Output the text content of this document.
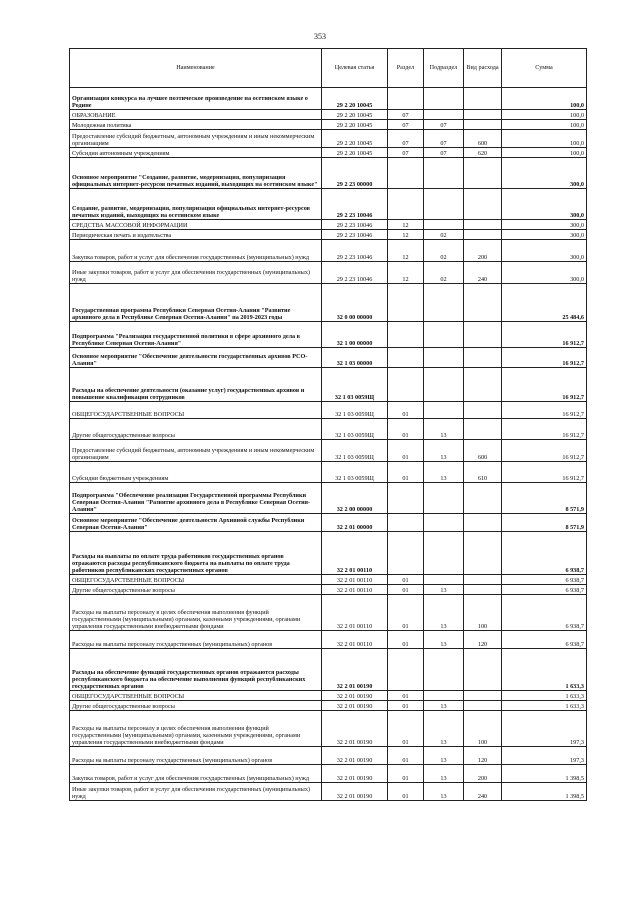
353
Наименование	Целевая статья	Раздел	Подраздел	Вид расхода	Сумма
Организация конкурса на лучшее поэтическое произведение на осетинском языке о Родине	29 2 20 10045				100,0
ОБРАЗОВАНИЕ	29 2 20 10045	07			100,0
Молодежная политика	29 2 20 10045	07	07		100,0
Предоставление субсидий бюджетным, автономным учреждениям и иным некоммерческим организациям	29 2 20 10045	07	07	600	100,0
Субсидии автономным учреждениям	29 2 20 10045	07	07	620	100,0
Основное мероприятие "Создание, развитие, модернизация, популяризация официальных интернет-ресурсов печатных изданий, выходящих на осетинском языке"	29 2 23 00000				300,0
Создание, развитие, модернизация, популяризация официальных интернет-ресурсов печатных изданий, выходящих на осетинском языке	29 2 23 10046				300,0
СРЕДСТВА МАССОВОЙ ИНФОРМАЦИИ	29 2 23 10046	12			300,0
Периодическая печать и издательства	29 2 23 10046	12	02		300,0
Закупка товаров, работ и услуг для обеспечения государственных (муниципальных) нужд	29 2 23 10046	12	02	200	300,0
Иные закупки товаров, работ и услуг для обеспечения государственных (муниципальных) нужд	29 2 23 10046	12	02	240	300,0
Государственная программа Республики Северная Осетия-Алания "Развитие архивного дела в Республике Северная Осетия-Алания" на 2019-2023 годы	32 0 00 00000				25 484,6
Подпрограмма "Реализация государственной политики в сфере архивного дела в Республике Северная Осетия-Алания"	32 1 00 00000				16 912,7
Основное мероприятие "Обеспечение деятельности государственных архивов РСО-Алания"	32 1 03 00000				16 912,7
Расходы на обеспечение деятельности (оказание услуг) государственных архивов и повышение квалификации сотрудников	32 1 03 0059Щ				16 912,7
ОБЩЕГОСУДАРСТВЕННЫЕ ВОПРОСЫ	32 1 03 0059Щ	01			16 912,7
Другие общегосударственные вопросы	32 1 03 0059Щ	01	13		16 912,7
Предоставление субсидий бюджетным, автономным учреждениям и иным некоммерческим организациям	32 1 03 0059Щ	01	13	600	16 912,7
Субсидии бюджетным учреждениям	32 1 03 0059Щ	01	13	610	16 912,7
Подпрограмма "Обеспечение реализации Государственной программы Республики Северная Осетия-Алания "Развитие архивного дела в Республике Северная Осетия-Алания"	32 2 00 00000				8 571,9
Основное мероприятие "Обеспечение деятельности Архивной службы Республики Северная Осетия-Алания"	32 2 01 00000				8 571,9
Расходы на выплаты по оплате труда работников государственных органов отражаются расходы республиканского бюджета на выплаты по оплате труда работников республиканских государственных органов	32 2 01 00110				6 938,7
ОБЩЕГОСУДАРСТВЕННЫЕ ВОПРОСЫ	32 2 01 00110	01			6 938,7
Другие общегосударственные вопросы	32 2 01 00110	01	13		6 938,7
Расходы на выплаты персоналу в целях обеспечения выполнения функций государственными (муниципальными) органами, казенными учреждениями, органами управления государственными внебюджетными фондами	32 2 01 00110	01	13	100	6 938,7
Расходы на выплаты персоналу государственных (муниципальных) органов	32 2 01 00110	01	13	120	6 938,7
Расходы на обеспечение функций государственных органов отражаются расходы республиканского бюджета на обеспечение выполнения функций республиканских государственных органов	32 2 01 00190				1 633,3
ОБЩЕГОСУДАРСТВЕННЫЕ ВОПРОСЫ	32 2 01 00190	01			1 633,3
Другие общегосударственные вопросы	32 2 01 00190	01	13		1 633,3
Расходы на выплаты персоналу в целях обеспечения выполнения функций государственными (муниципальными) органами, казенными учреждениями, органами управления государственными внебюджетными фондами	32 2 01 00190	01	13	100	197,3
Расходы на выплаты персоналу государственных (муниципальных) органов	32 2 01 00190	01	13	120	197,3
Закупка товаров, работ и услуг для обеспечения государственных (муниципальных) нужд	32 2 01 00190	01	13	200	1 398,5
Иные закупки товаров, работ и услуг для обеспечения государственных (муниципальных) нужд	32 2 01 00190	01	13	240	1 398,5
